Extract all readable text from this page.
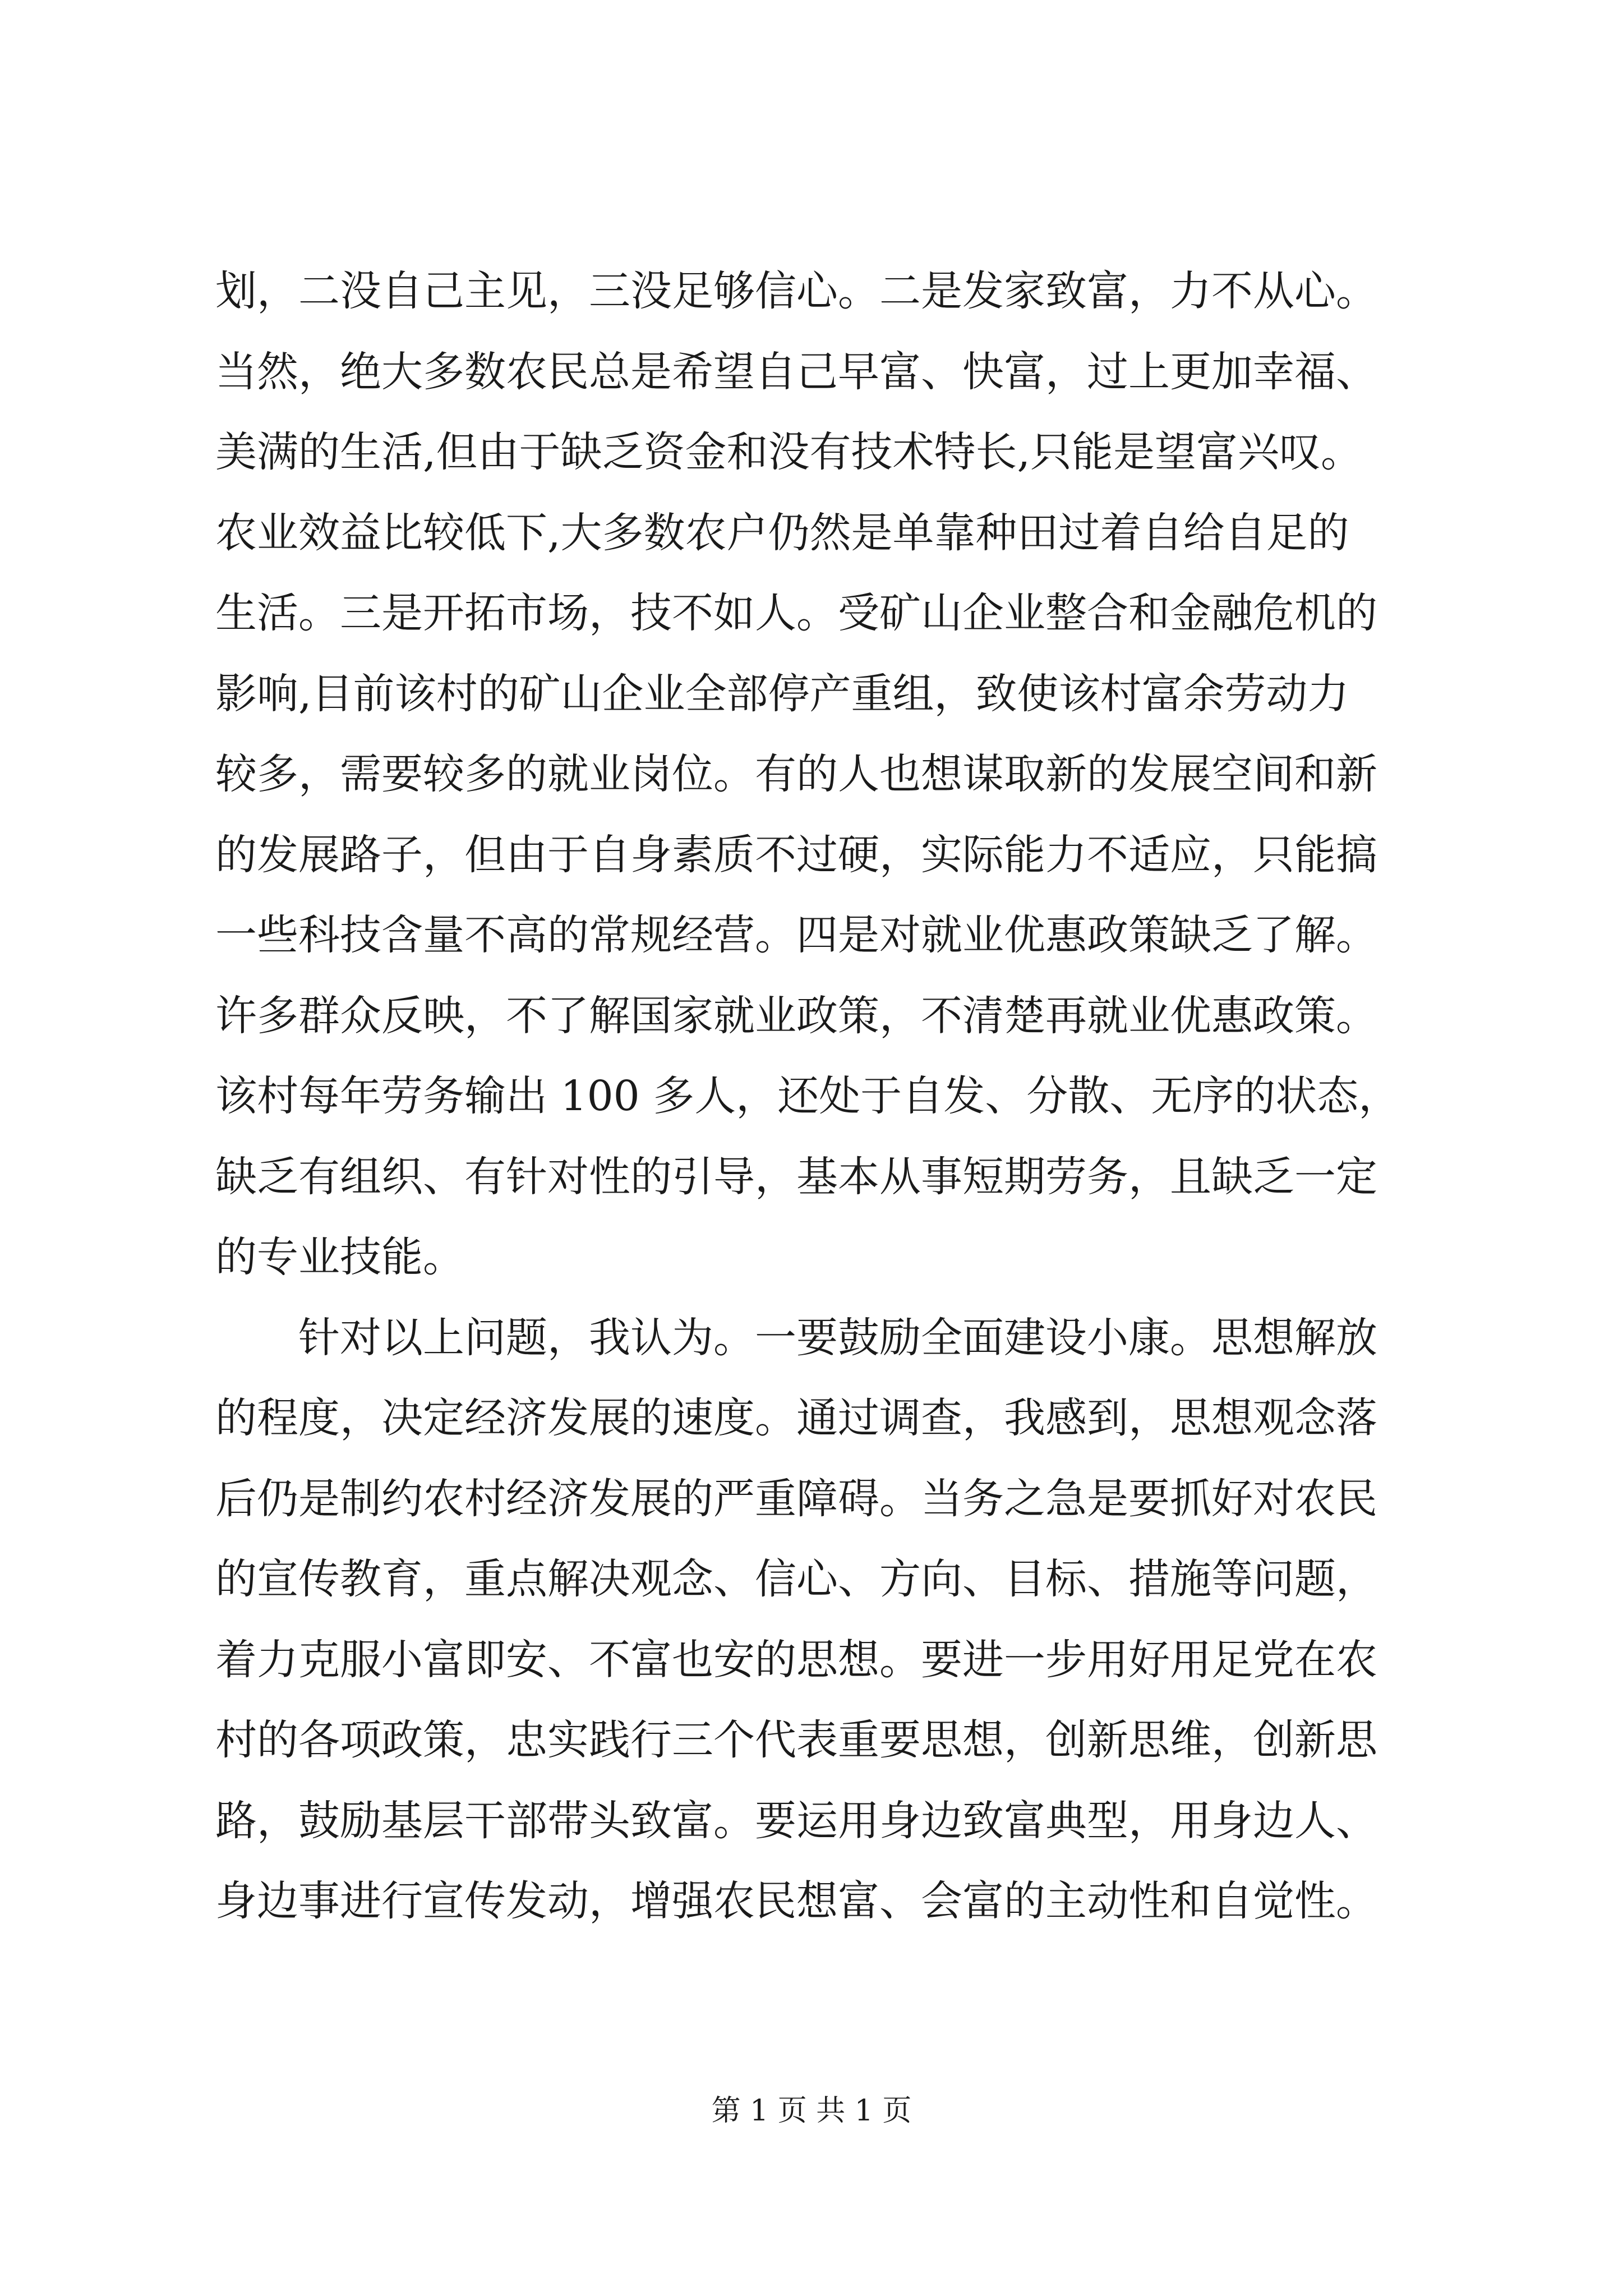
划，二没自己主见，三没足够信心。二是发家致富，力不从心。
当然，绝大多数农民总是希望自己早富、快富，过上更加幸福、
美满的生活,但由于缺乏资金和没有技术特长,只能是望富兴叹。
农业效益比较低下,大多数农户仍然是单靠种田过着自给自足的
生活。三是开拓市场，技不如人。受矿山企业整合和金融危机的
影响,目前该村的矿山企业全部停产重组，致使该村富余劳动力
较多，需要较多的就业岗位。有的人也想谋取新的发展空间和新
的发展路子，但由于自身素质不过硬，实际能力不适应，只能搞
一些科技含量不高的常规经营。四是对就业优惠政策缺乏了解。
许多群众反映，不了解国家就业政策，不清楚再就业优惠政策。
该村每年劳务输出 100 多人，还处于自发、分散、无序的状态，
缺乏有组织、有针对性的引导，基本从事短期劳务，且缺乏一定
的专业技能。
针对以上问题，我认为。一要鼓励全面建设小康。思想解放
的程度，决定经济发展的速度。通过调查，我感到，思想观念落
后仍是制约农村经济发展的严重障碍。当务之急是要抓好对农民
的宣传教育，重点解决观念、信心、方向、目标、措施等问题，
着力克服小富即安、不富也安的思想。要进一步用好用足党在农
村的各项政策，忠实践行三个代表重要思想，创新思维，创新思
路，鼓励基层干部带头致富。要运用身边致富典型，用身边人、
身边事进行宣传发动，增强农民想富、会富的主动性和自觉性。
第 1 页 共 1 页
